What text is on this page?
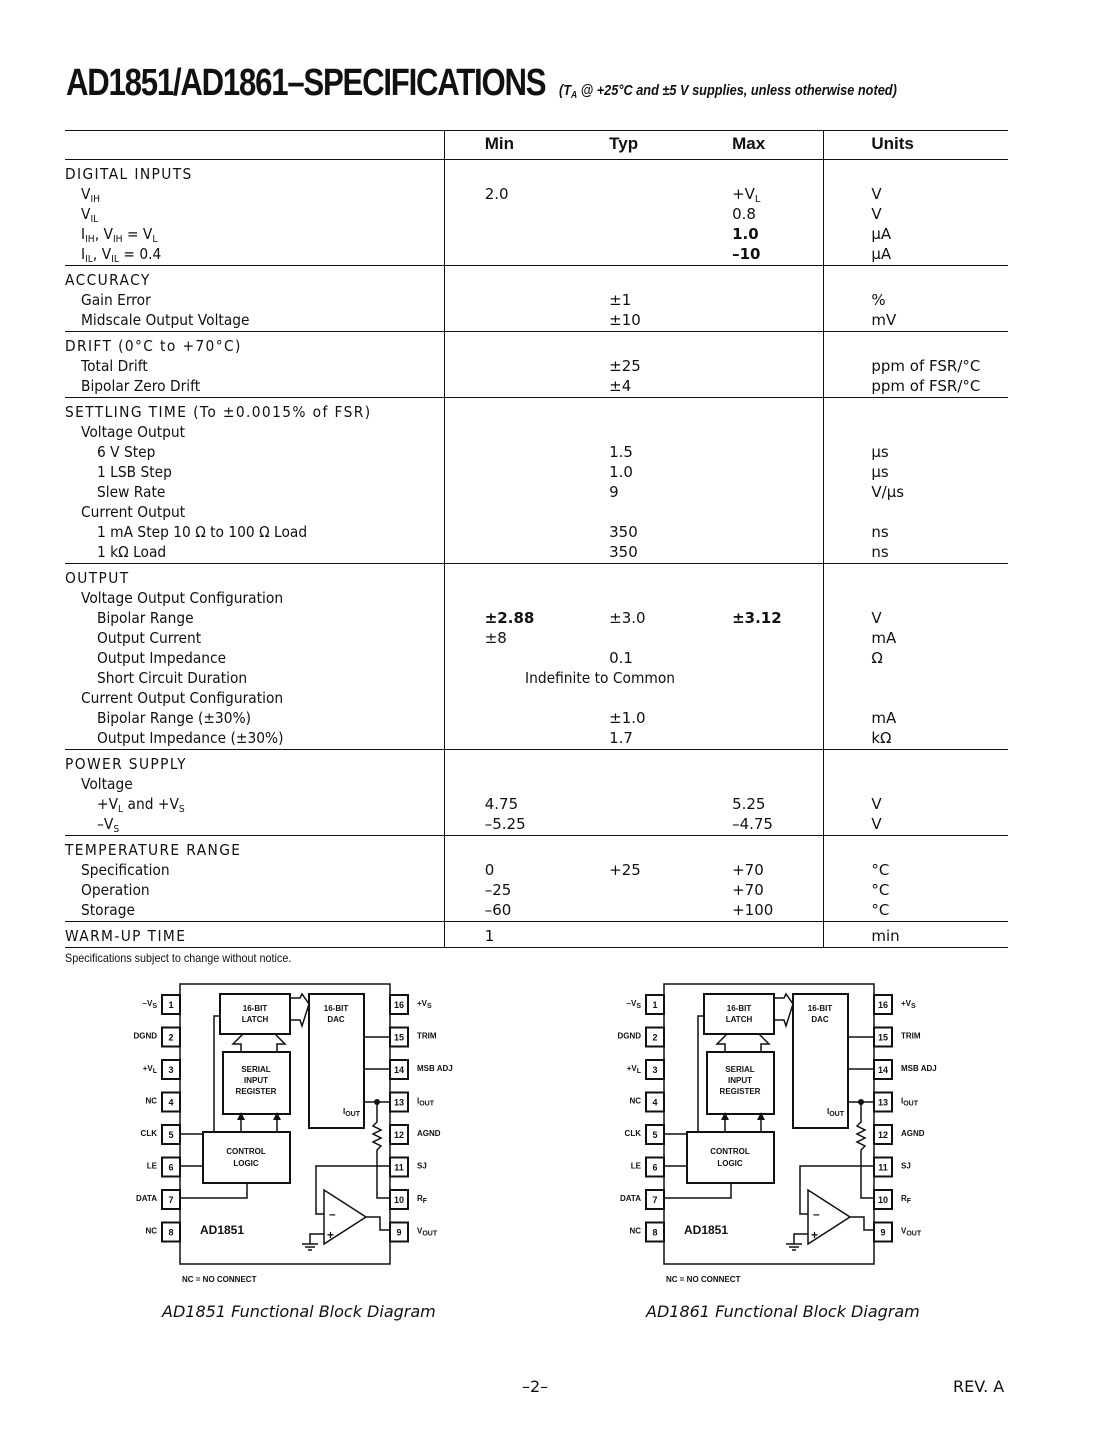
AD1851/AD1861–SPECIFICATIONS ($T_A$ @ +25°C and ±5 V supplies, unless otherwise noted)
	Min	Typ	Max	Units
DIGITAL INPUTS				
$V_{IH}$	2.0		$+V_L$	V
$V_{IL}$			0.8	V
$I_{IH}$, $V_{IH} = V_L$			1.0	µA
$I_{IL}$, $V_{IL} = 0.4$			–10	µA
ACCURACY				
Gain Error		±1		%
Midscale Output Voltage		±10		mV
DRIFT (0°C to +70°C)				
Total Drift		±25		ppm of FSR/°C
Bipolar Zero Drift		±4		ppm of FSR/°C
SETTLING TIME (To ±0.0015% of FSR)				
Voltage Output				
6 V Step		1.5		µs
1 LSB Step		1.0		µs
Slew Rate		9		V/µs
Current Output				
1 mA Step 10 Ω to 100 Ω Load		350		ns
1 kΩ Load		350		ns
OUTPUT				
Voltage Output Configuration				
Bipolar Range	±2.88	±3.0	±3.12	V
Output Current	±8			mA
Output Impedance		0.1		Ω
Short Circuit Duration	Indefinite to Common			
Current Output Configuration				
Bipolar Range (±30%)		±1.0		mA
Output Impedance (±30%)		1.7		kΩ
POWER SUPPLY				
Voltage				
$+V_L$ and $+V_S$	4.75		5.25	V
$-V_S$	–5.25		–4.75	V
TEMPERATURE RANGE				
Specification	0	+25	+70	°C
Operation	–25		+70	°C
Storage	–60		+100	°C
WARM-UP TIME	1			min
Specifications subject to change without notice.
1
–VS
2
DGND
3
+VL
4
NC
5
CLK
6
LE
7
DATA
8
NC
16 +VS
15 TRIM
14 MSB ADJ
13 IOUT
12 AGND
11 SJ
10 RF
9 VOUT
16-BIT
LATCH
16-BIT
DAC
IOUT
SERIAL
INPUT
REGISTER
CONTROL
LOGIC
–
+
AD1851
NC = NO CONNECT
1
–VS
2
DGND
3
+VL
4
NC
5
CLK
6
LE
7
DATA
8
NC
16 +VS
15 TRIM
14 MSB ADJ
13 IOUT
12 AGND
11 SJ
10 RF
9 VOUT
16-BIT
LATCH
16-BIT
DAC
IOUT
SERIAL
INPUT
REGISTER
CONTROL
LOGIC
–
+
AD1851
NC = NO CONNECT
AD1851 Functional Block Diagram	AD1861 Functional Block Diagram
–2–	REV. A
